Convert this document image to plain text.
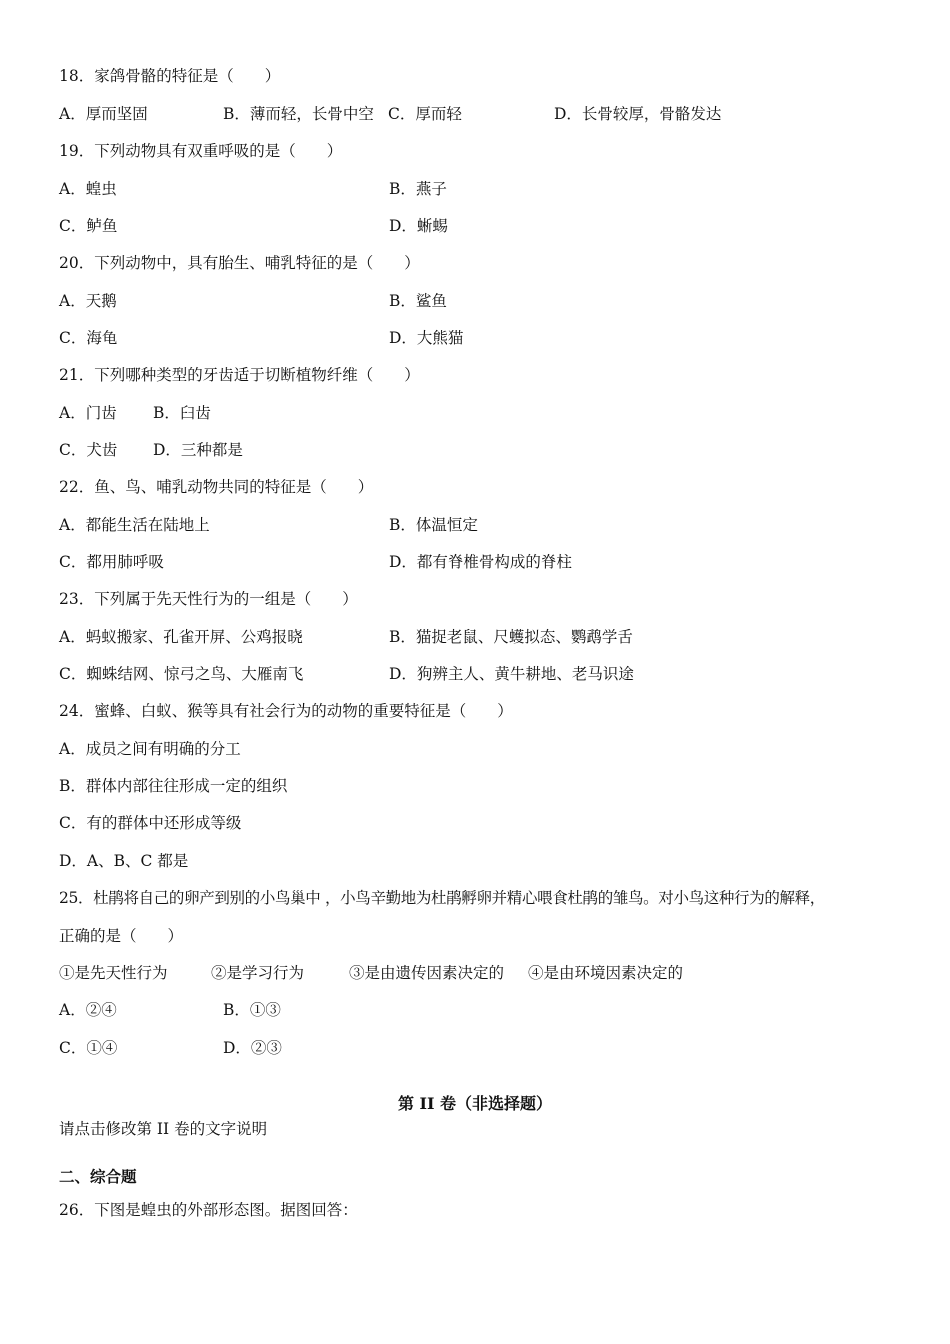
18．家鸽骨骼的特征是（　　）
A．厚而坚固	B．薄而轻，长骨中空 C．厚而轻	D．长骨较厚，骨骼发达
19．下列动物具有双重呼吸的是（　　）
A．蝗虫	B．燕子
C．鲈鱼	D．蜥蜴
20．下列动物中，具有胎生、哺乳特征的是（　　）
A．天鹅	B．鲨鱼
C．海龟	D．大熊猫
21．下列哪种类型的牙齿适于切断植物纤维（　　）
A．门齿 B．臼齿
C．犬齿 D．三种都是
22．鱼、鸟、哺乳动物共同的特征是（　　）
A．都能生活在陆地上	B．体温恒定
C．都用肺呼吸	D．都有脊椎骨构成的脊柱
23．下列属于先天性行为的一组是（　　）
A．蚂蚁搬家、孔雀开屏、公鸡报晓	B．猫捉老鼠、尺蠖拟态、鹦鹉学舌
C．蜘蛛结网、惊弓之鸟、大雁南飞	D．狗辨主人、黄牛耕地、老马识途
24．蜜蜂、白蚁、猴等具有社会行为的动物的重要特征是（　　）
A．成员之间有明确的分工
B．群体内部往往形成一定的组织
C．有的群体中还形成等级
D．A、B、C 都是
25．杜鹃将自己的卵产到别的小鸟巢中 ，小鸟辛勤地为杜鹃孵卵并精心喂食杜鹃的雏鸟。对小鸟这种行为的解释，
正确的是（　　）
①是先天性行为	②是学习行为	③是由遗传因素决定的 ④是由环境因素决定的
A．②④	B．①③
C．①④	D．②③
第 II 卷（非选择题）
请点击修改第 II 卷的文字说明
二、综合题
26．下图是蝗虫的外部形态图。据图回答：
